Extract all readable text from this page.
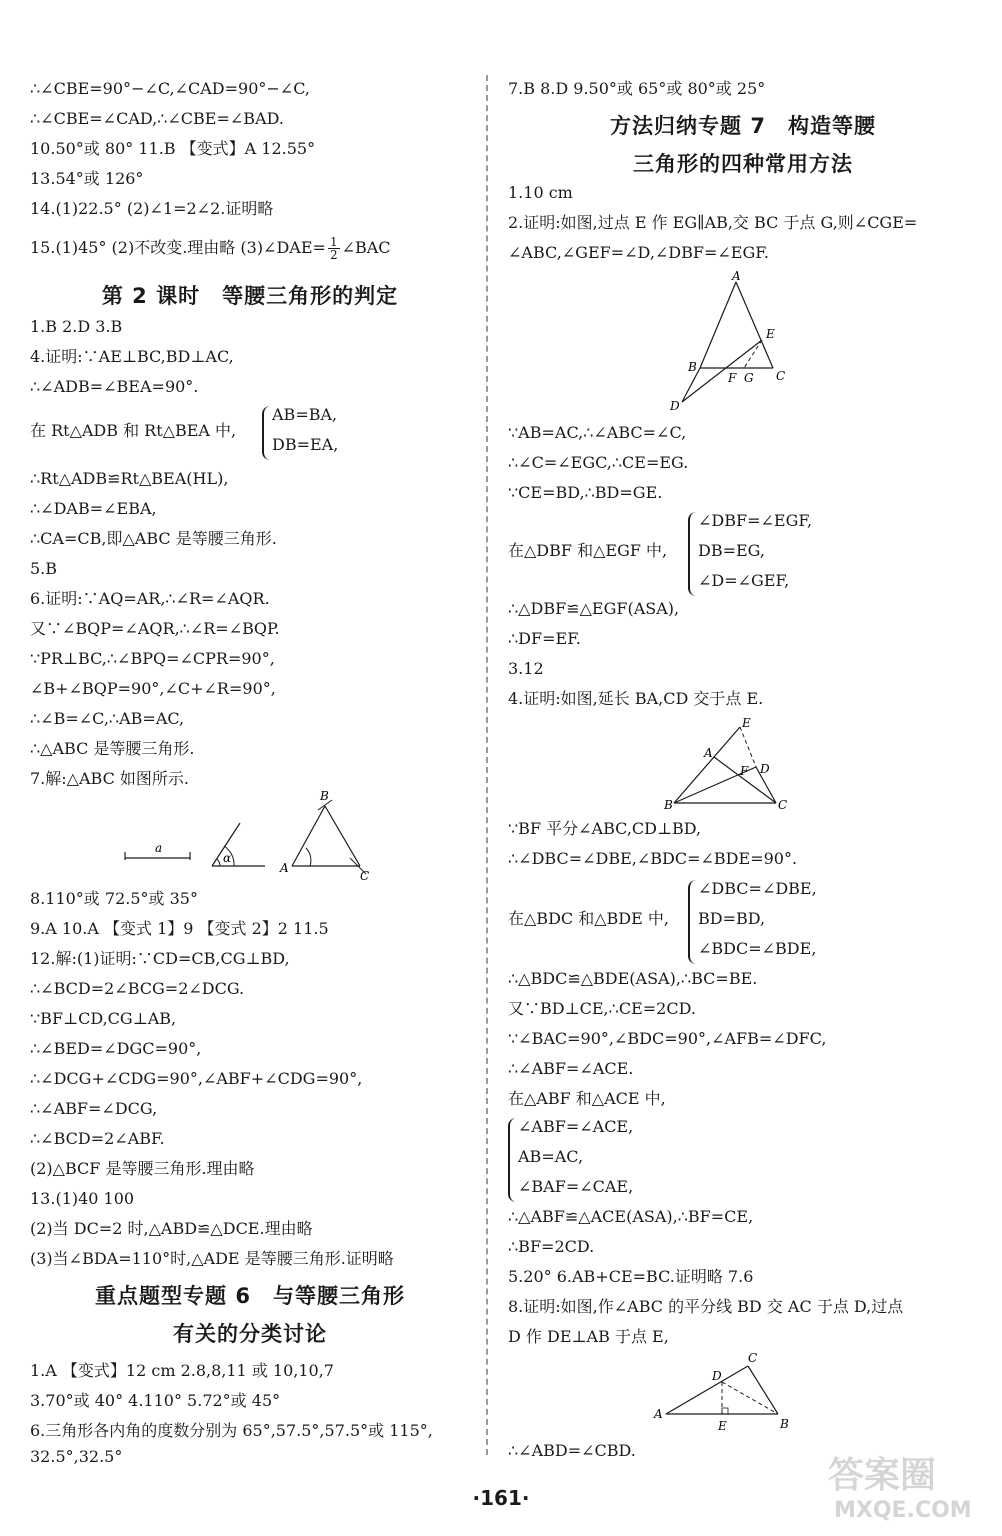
∴∠CBE=90°−∠C,∠CAD=90°−∠C,
∴∠CBE=∠CAD,∴∠CBE=∠BAD.
10.50°或 80° 11.B 【变式】A 12.55°
13.54°或 126°
14.(1)22.5° (2)∠1=2∠2.证明略
15.(1)45° (2)不改变.理由略 (3)∠DAE= $\frac{1}{2}$ ∠BAC
第 2 课时　等腰三角形的判定
1.B 2.D 3.B
4.证明:∵AE⊥BC,BD⊥AC,
∴∠ADB=∠BEA=90°.
在 Rt△ADB 和 Rt△BEA 中,
AB=BA,
DB=EA,
∴Rt△ADB≌Rt△BEA(HL),
∴∠DAB=∠EBA,
∴CA=CB,即△ABC 是等腰三角形.
5.B
6.证明:∵AQ=AR,∴∠R=∠AQR.
又∵∠BQP=∠AQR,∴∠R=∠BQP.
∵PR⊥BC,∴∠BPQ=∠CPR=90°,
∠B+∠BQP=90°,∠C+∠R=90°,
∴∠B=∠C,∴AB=AC,
∴△ABC 是等腰三角形.
7.解:△ABC 如图所示.
a
α
A
B
C
8.110°或 72.5°或 35°
9.A 10.A 【变式 1】9 【变式 2】2 11.5
12.解:(1)证明:∵CD=CB,CG⊥BD,
∴∠BCD=2∠BCG=2∠DCG.
∵BF⊥CD,CG⊥AB,
∴∠BED=∠DGC=90°,
∴∠DCG+∠CDG=90°,∠ABF+∠CDG=90°,
∴∠ABF=∠DCG,
∴∠BCD=2∠ABF.
(2)△BCF 是等腰三角形.理由略
13.(1)40 100
(2)当 DC=2 时,△ABD≌△DCE.理由略
(3)当∠BDA=110°时,△ADE 是等腰三角形.证明略
重点题型专题 6　与等腰三角形
有关的分类讨论
1.A 【变式】12 cm 2.8,8,11 或 10,10,7
3.70°或 40° 4.110° 5.72°或 45°
6.三角形各内角的度数分别为 65°,57.5°,57.5°或 115°,
32.5°,32.5°
7.B 8.D 9.50°或 65°或 80°或 25°
方法归纳专题 7　构造等腰
三角形的四种常用方法
1.10 cm
2.证明:如图,过点 E 作 EG∥AB,交 BC 于点 G,则∠CGE=
∠ABC,∠GEF=∠D,∠DBF=∠EGF.
A
B
C
D
E
F G
∵AB=AC,∴∠ABC=∠C,
∴∠C=∠EGC,∴CE=EG.
∵CE=BD,∴BD=GE.
在△DBF 和△EGF 中,
∠DBF=∠EGF,
DB=EG,
∠D=∠GEF,
∴△DBF≌△EGF(ASA),
∴DF=EF.
3.12
4.证明:如图,延长 BA,CD 交于点 E.
B	C
A
E
D
F
∵BF 平分∠ABC,CD⊥BD,
∴∠DBC=∠DBE,∠BDC=∠BDE=90°.
在△BDC 和△BDE 中,
∠DBC=∠DBE,
BD=BD,
∠BDC=∠BDE,
∴△BDC≌△BDE(ASA),∴BC=BE.
又∵BD⊥CE,∴CE=2CD.
∵∠BAC=90°,∠BDC=90°,∠AFB=∠DFC,
∴∠ABF=∠ACE.
在△ABF 和△ACE 中,
∠ABF=∠ACE,
AB=AC,
∠BAF=∠CAE,
∴△ABF≌△ACE(ASA),∴BF=CE,
∴BF=2CD.
5.20° 6.AB+CE=BC.证明略 7.6
8.证明:如图,作∠ABC 的平分线 BD 交 AC 于点 D,过点
D 作 DE⊥AB 于点 E,
A
B
C
D
E
∴∠ABD=∠CBD.
·161·
答案圈
MXQE.COM
